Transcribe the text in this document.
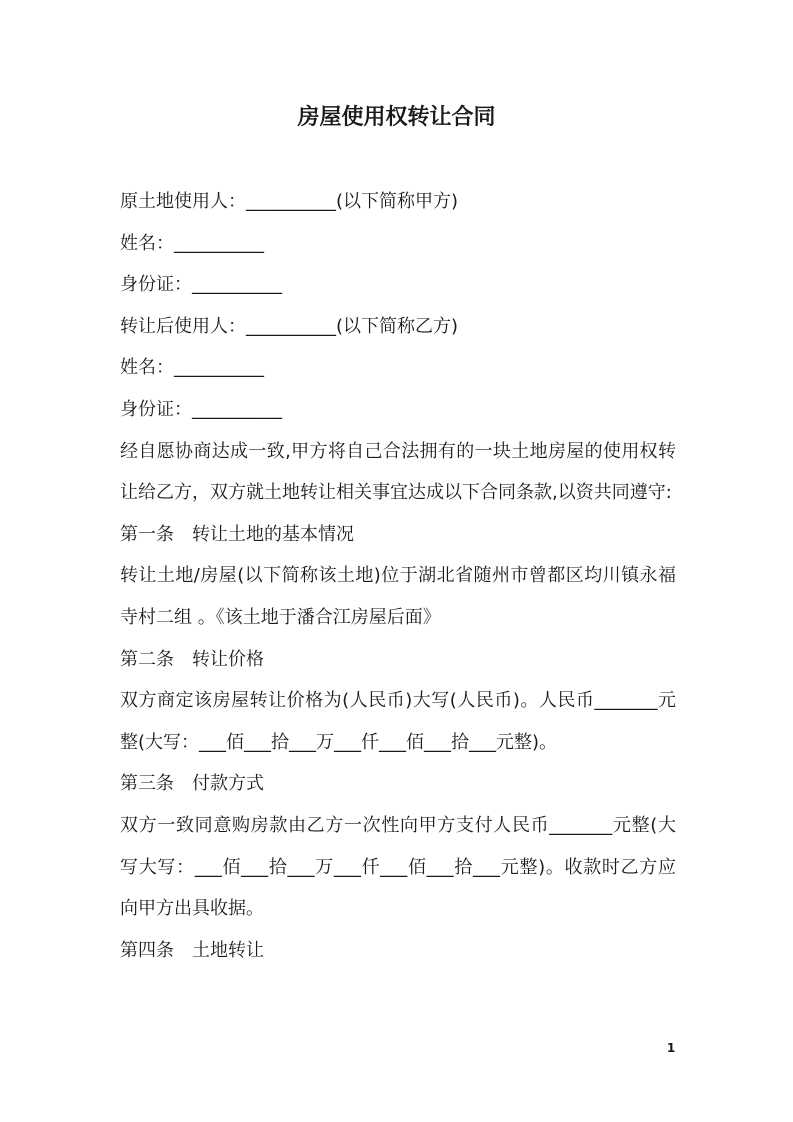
房屋使用权转让合同

原土地使用人：__________(以下简称甲方)

姓名：__________

身份证：__________

转让后使用人：__________(以下简称乙方)

姓名：__________

身份证：__________

经自愿协商达成一致,甲方将自己合法拥有的一块土地房屋的使用权转让给乙方，双方就土地转让相关事宜达成以下合同条款,以资共同遵守:

第一条　转让土地的基本情况

转让土地/房屋(以下简称该土地)位于湖北省随州市曾都区均川镇永福寺村二组 。《该土地于潘合江房屋后面》

第二条　转让价格

双方商定该房屋转让价格为(人民币)大写(人民币)。人民币_______元整(大写：___佰___拾___万___仟___佰___拾___元整)。

第三条　付款方式

双方一致同意购房款由乙方一次性向甲方支付人民币_______元整(大写大写：___佰___拾___万___仟___佰___拾___元整)。收款时乙方应向甲方出具收据。

第四条　土地转让

1
